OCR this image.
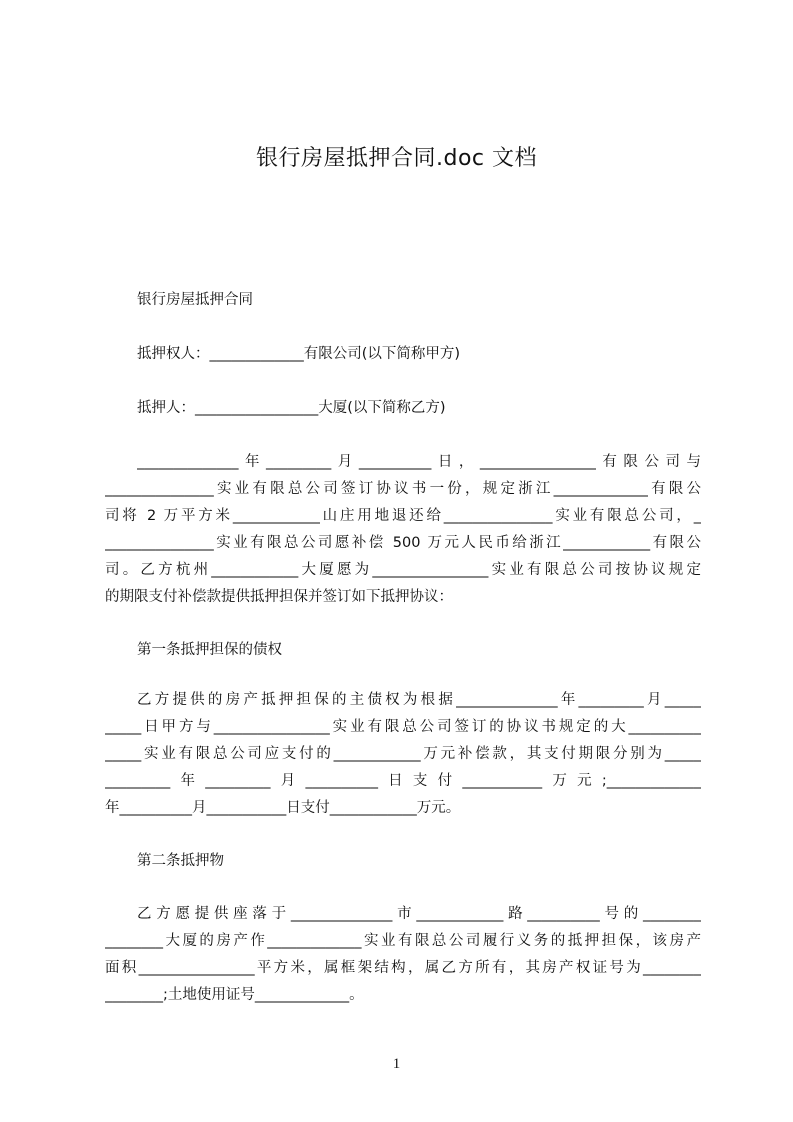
银行房屋抵押合同.doc 文档
银行房屋抵押合同
抵押权人：_____________有限公司(以下简称甲方)
抵押人：_________________大厦(以下简称乙方)
______________年_________月__________日，________________有限公司与
_______________实业有限总公司签订协议书一份，规定浙江_____________有限公
司将 2 万平方米____________山庄用地退还给_______________实业有限总公司，_
_______________实业有限总公司愿补偿 500 万元人民币给浙江____________有限公
司。乙方杭州____________大厦愿为________________实业有限总公司按协议规定
的期限支付补偿款提供抵押担保并签订如下抵押协议：
第一条抵押担保的债权
乙方提供的房产抵押担保的主债权为根据______________年_________月_____
_____日甲方与________________实业有限总公司签订的协议书规定的大__________
_____实业有限总公司应支付的____________万元补偿款，其支付期限分别为_____
_________年_________月__________日支付___________万元;_____________
年__________月___________日支付____________万元。
第二条抵押物
乙方愿提供座落于______________市____________路__________号的________
________大厦的房产作_____________实业有限总公司履行义务的抵押担保，该房产
面积________________平方米，属框架结构，属乙方所有，其房产权证号为________
________;土地使用证号_____________。
1
